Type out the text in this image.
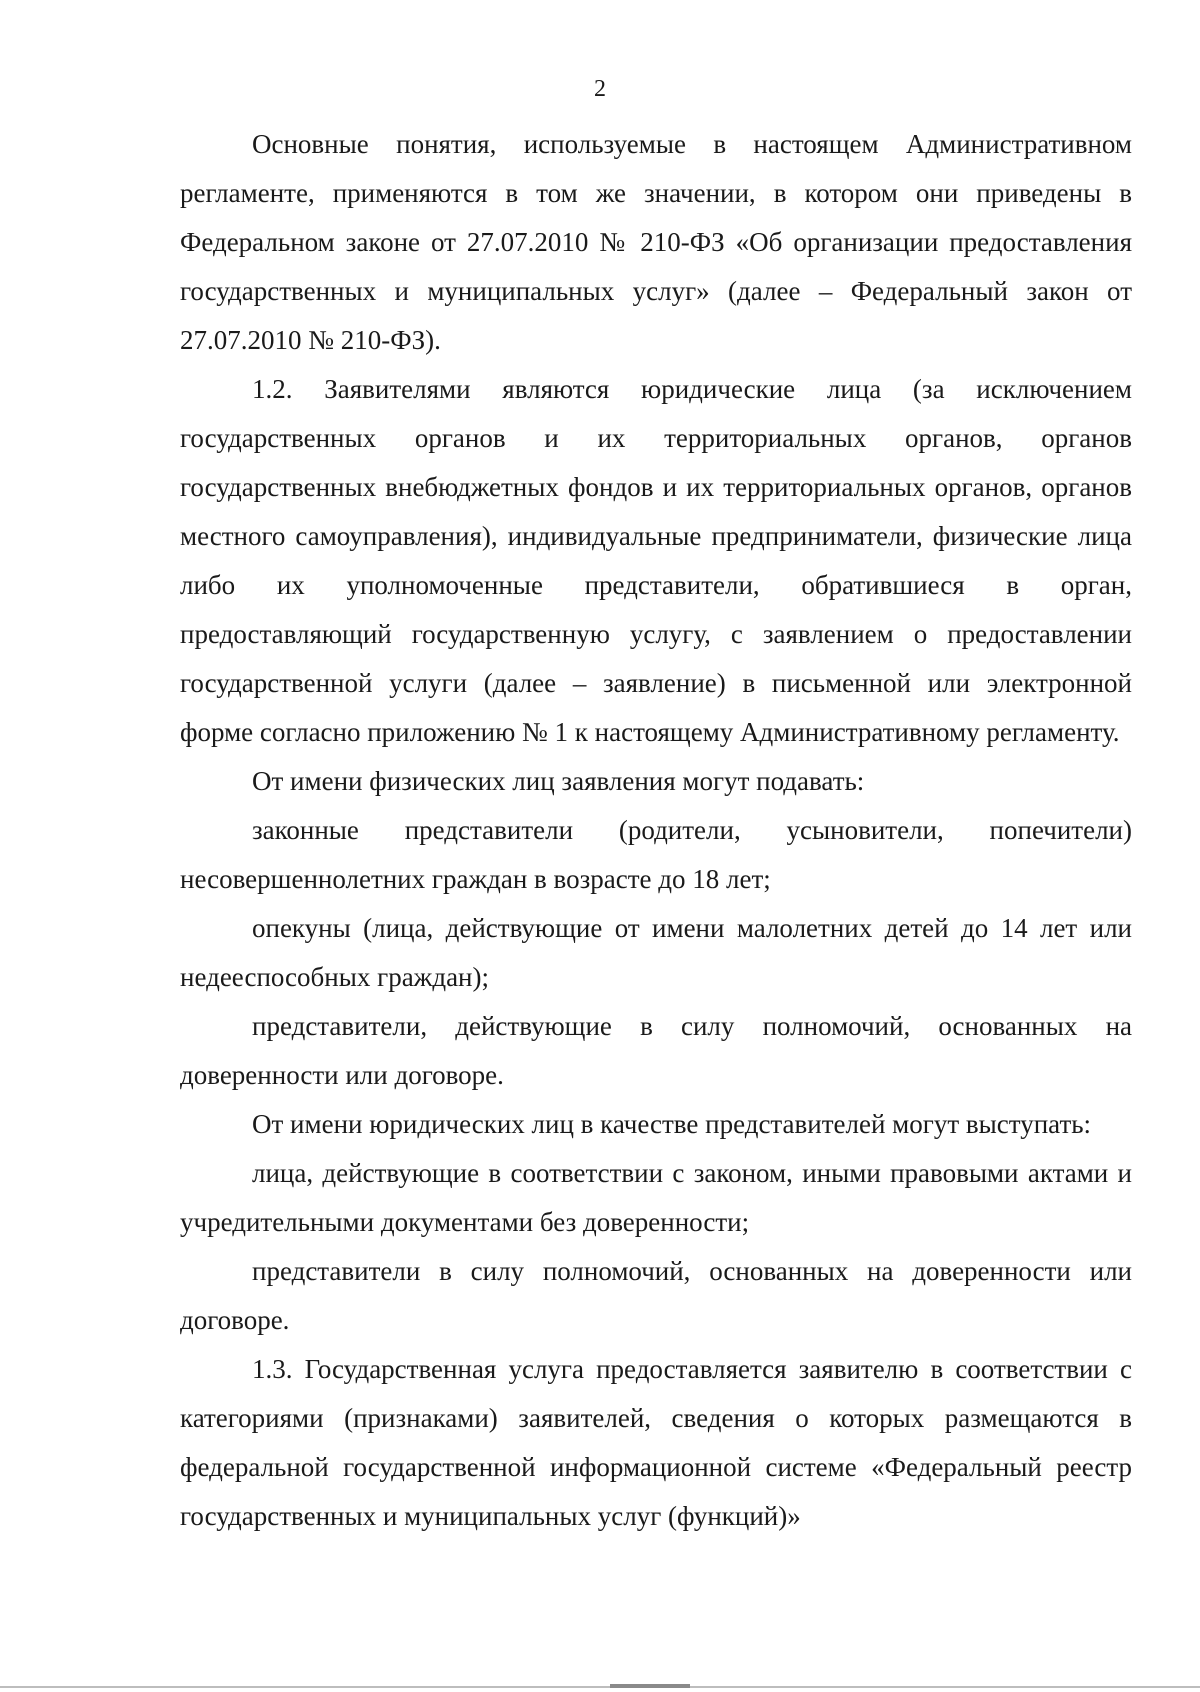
2

Основные понятия, используемые в настоящем Административном регламенте, применяются в том же значении, в котором они приведены в Федеральном законе от 27.07.2010 № 210-ФЗ «Об организации предоставления государственных и муниципальных услуг» (далее – Федеральный закон от 27.07.2010 № 210-ФЗ).

1.2. Заявителями являются юридические лица (за исключением государственных органов и их территориальных органов, органов государственных внебюджетных фондов и их территориальных органов, органов местного самоуправления), индивидуальные предприниматели, физические лица либо их уполномоченные представители, обратившиеся в орган, предоставляющий государственную услугу, с заявлением о предоставлении государственной услуги (далее – заявление) в письменной или электронной форме согласно приложению № 1 к настоящему Административному регламенту.

От имени физических лиц заявления могут подавать:

законные представители (родители, усыновители, попечители) несовершеннолетних граждан в возрасте до 18 лет;

опекуны (лица, действующие от имени малолетних детей до 14 лет или недееспособных граждан);

представители, действующие в силу полномочий, основанных на доверенности или договоре.

От имени юридических лиц в качестве представителей могут выступать:

лица, действующие в соответствии с законом, иными правовыми актами и учредительными документами без доверенности;

представители в силу полномочий, основанных на доверенности или договоре.

1.3. Государственная услуга предоставляется заявителю в соответствии с категориями (признаками) заявителей, сведения о которых размещаются в федеральной государственной информационной системе «Федеральный реестр государственных и муниципальных услуг (функций)»
